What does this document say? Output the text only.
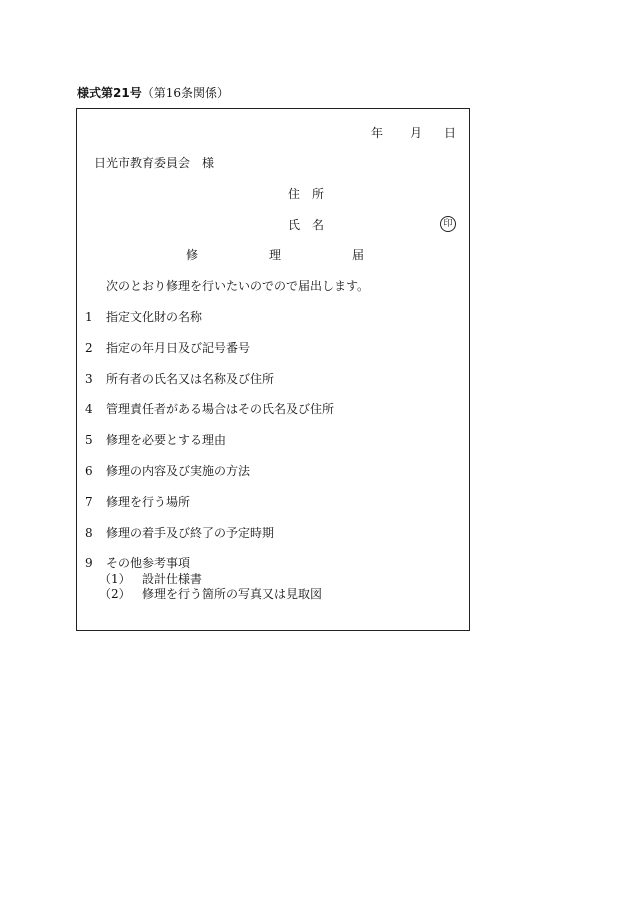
様式第21号（第16条関係）
年 月 日
日光市教育委員会　様
住　所
氏　名	印
修	理	届
次のとおり修理を行いたいのでので届出します。
1 指定文化財の名称
2 指定の年月日及び記号番号
3 所有者の氏名又は名称及び住所
4 管理責任者がある場合はその氏名及び住所
5 修理を必要とする理由
6 修理の内容及び実施の方法
7 修理を行う場所
8 修理の着手及び終了の予定時期
9 その他参考事項
（1） 設計仕様書
（2） 修理を行う箇所の写真又は見取図
